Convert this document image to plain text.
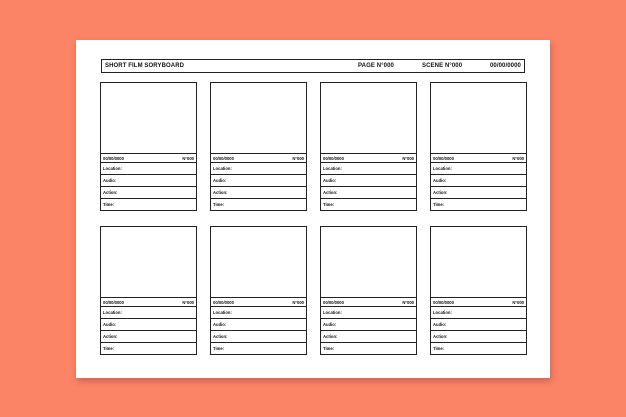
SHORT FILM SORYBOARD	PAGE N°000	SCENE N°000	00/00/0000
00/00/0000	N°000
Location:
Audio:
Action:
Time:
00/00/0000	N°000
Location:
Audio:
Action:
Time:
00/00/0000	N°000
Location:
Audio:
Action:
Time:
00/00/0000	N°000
Location:
Audio:
Action:
Time:
00/00/0000	N°000
Location:
Audio:
Action:
Time:
00/00/0000	N°000
Location:
Audio:
Action:
Time:
00/00/0000	N°000
Location:
Audio:
Action:
Time:
00/00/0000	N°000
Location:
Audio:
Action:
Time:
